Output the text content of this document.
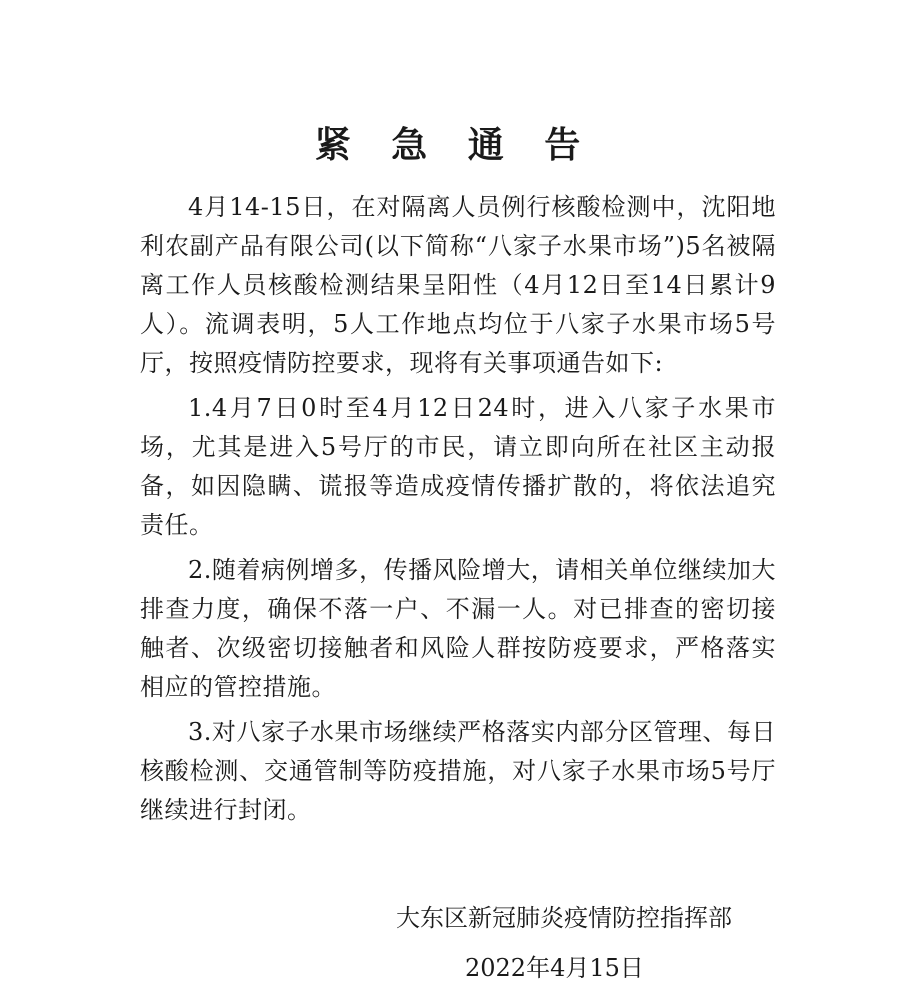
紧 急 通 告

4月14-15日，在对隔离人员例行核酸检测中，沈阳地利农副产品有限公司(以下简称“八家子水果市场”)5名被隔离工作人员核酸检测结果呈阳性（4月12日至14日累计9人）。流调表明，5人工作地点均位于八家子水果市场5号厅，按照疫情防控要求，现将有关事项通告如下:

1.4月7日0时至4月12日24时，进入八家子水果市场，尤其是进入5号厅的市民，请立即向所在社区主动报备，如因隐瞒、谎报等造成疫情传播扩散的，将依法追究责任。

2.随着病例增多，传播风险增大，请相关单位继续加大排查力度，确保不落一户、不漏一人。对已排查的密切接触者、次级密切接触者和风险人群按防疫要求，严格落实相应的管控措施。

3.对八家子水果市场继续严格落实内部分区管理、每日核酸检测、交通管制等防疫措施，对八家子水果市场5号厅继续进行封闭。

大东区新冠肺炎疫情防控指挥部
2022年4月15日
